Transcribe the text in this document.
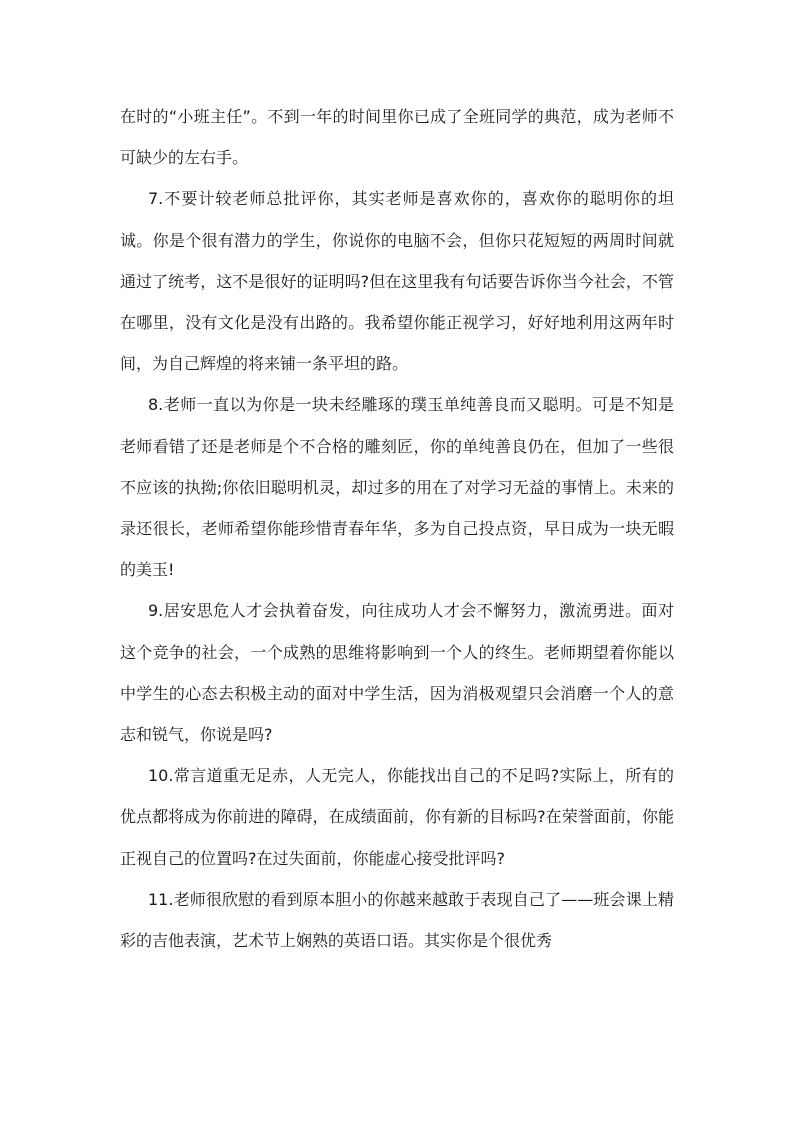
在时的“小班主任”。不到一年的时间里你已成了全班同学的典范，成为老师不可缺少的左右手。

7.不要计较老师总批评你，其实老师是喜欢你的，喜欢你的聪明你的坦诚。你是个很有潜力的学生，你说你的电脑不会，但你只花短短的两周时间就通过了统考，这不是很好的证明吗?但在这里我有句话要告诉你当今社会，不管在哪里，没有文化是没有出路的。我希望你能正视学习，好好地利用这两年时间，为自己辉煌的将来铺一条平坦的路。

8.老师一直以为你是一块未经雕琢的璞玉单纯善良而又聪明。可是不知是老师看错了还是老师是个不合格的雕刻匠，你的单纯善良仍在，但加了一些很不应该的执拗;你依旧聪明机灵，却过多的用在了对学习无益的事情上。未来的录还很长，老师希望你能珍惜青春年华，多为自己投点资，早日成为一块无暇的美玉!

9.居安思危人才会执着奋发，向往成功人才会不懈努力，激流勇进。面对这个竞争的社会，一个成熟的思维将影响到一个人的终生。老师期望着你能以中学生的心态去积极主动的面对中学生活，因为消极观望只会消磨一个人的意志和锐气，你说是吗?

10.常言道重无足赤，人无完人，你能找出自己的不足吗?实际上，所有的优点都将成为你前进的障碍，在成绩面前，你有新的目标吗?在荣誉面前，你能正视自己的位置吗?在过失面前，你能虚心接受批评吗?

11.老师很欣慰的看到原本胆小的你越来越敢于表现自己了——班会课上精彩的吉他表演，艺术节上娴熟的英语口语。其实你是个很优秀
